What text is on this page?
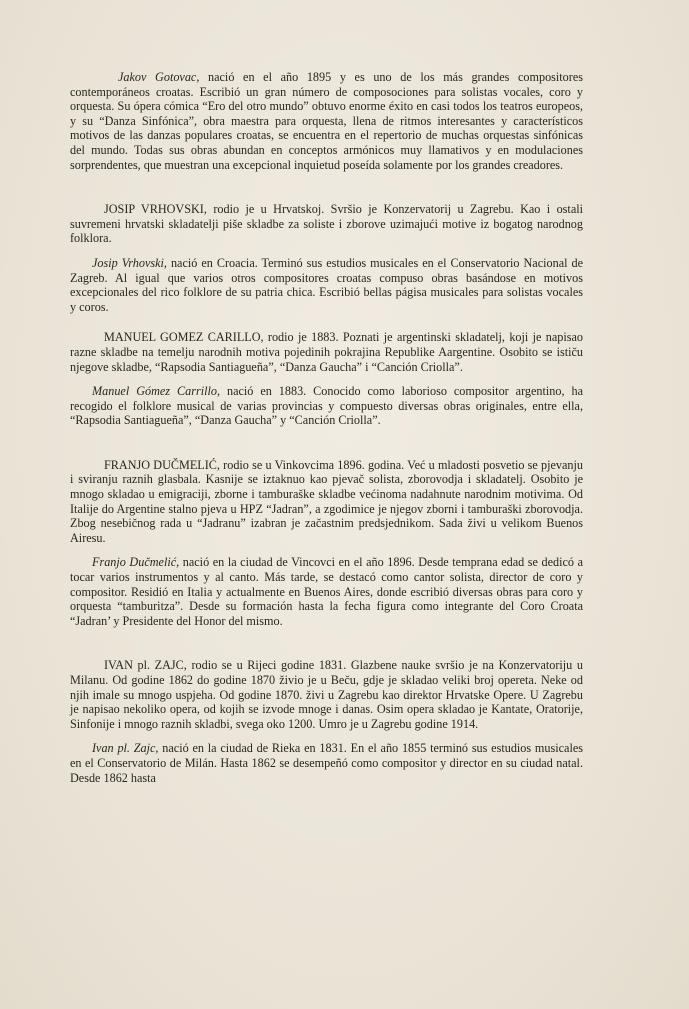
Jakov Gotovac, nació en el año 1895 y es uno de los más grandes compositores contemporáneos croatas. Escribió un gran número de composociones para solistas vocales, coro y orquesta. Su ópera cómica “Ero del otro mundo” obtuvo enorme éxito en casi todos los teatros europeos, y su “Danza Sinfónica”, obra maestra para orquesta, llena de ritmos interesantes y característicos motivos de las danzas populares croatas, se encuentra en el repertorio de muchas orquestas sinfónicas del mundo. Todas sus obras abundan en conceptos armónicos muy llamativos y en modulaciones sorprendentes, que muestran una excepcional inquietud poseída solamente por los grandes creadores.

JOSIP VRHOVSKI, rodio je u Hrvatskoj. Svršio je Konzervatorij u Zagrebu. Kao i ostali suvremeni hrvatski skladatelji piše skladbe za soliste i zborove uzimajući motive iz bogatog narodnog folklora.

Josip Vrhovski, nació en Croacia. Terminó sus estudios musicales en el Conservatorio Nacional de Zagreb. Al igual que varios otros compositores croatas compuso obras basándose en motivos excepcionales del rico folklore de su patria chica. Escribió bellas págisa musicales para solistas vocales y coros.

MANUEL GOMEZ CARILLO, rodio je 1883. Poznati je argentinski skladatelj, koji je napisao razne skladbe na temelju narodnih motiva pojedinih pokrajina Republike Aargentine. Osobito se ističu njegove skladbe, “Rapsodia Santiagueña”, “Danza Gaucha” i “Canción Criolla”.

Manuel Gómez Carrillo, nació en 1883. Conocido como laborioso compositor argentino, ha recogido el folklore musical de varias provincias y compuesto diversas obras originales, entre ella, “Rapsodia Santiagueña”, “Danza Gaucha” y “Canción Criolla”.

FRANJO DUČMELIĆ, rodio se u Vinkovcima 1896. godina. Već u mladosti posvetio se pjevanju i sviranju raznih glasbala. Kasnije se iztaknuo kao pjevač solista, zborovodja i skladatelj. Osobito je mnogo skladao u emigraciji, zborne i tamburaške skladbe većinoma nadahnute narodnim motivima. Od Italije do Argentine stalno pjeva u HPZ “Jadran”, a zgodimice je njegov zborni i tamburaški zborovodja. Zbog nesebičnog rada u “Jadranu” izabran je začastnim predsjednikom. Sada živi u velikom Buenos Airesu.

Franjo Dučmelić, nació en la ciudad de Vincovci en el año 1896. Desde temprana edad se dedicó a tocar varios instrumentos y al canto. Más tarde, se destacó como cantor solista, director de coro y compositor. Residió en Italia y actualmente en Buenos Aires, donde escribió diversas obras para coro y orquesta “tamburitza”. Desde su formación hasta la fecha figura como integrante del Coro Croata “Jadran’ y Presidente del Honor del mismo.

IVAN pl. ZAJC, rodio se u Rijeci godine 1831. Glazbene nauke svršio je na Konzervatoriju u Milanu. Od godine 1862 do godine 1870 živio je u Beču, gdje je skladao veliki broj opereta. Neke od njih imale su mnogo uspjeha. Od godine 1870. živi u Zagrebu kao direktor Hrvatske Opere. U Zagrebu je napisao nekoliko opera, od kojih se izvode mnoge i danas. Osim opera skladao je Kantate, Oratorije, Sinfonije i mnogo raznih skladbi, svega oko 1200. Umro je u Zagrebu godine 1914.

Ivan pl. Zajc, nació en la ciudad de Rieka en 1831. En el año 1855 terminó sus estudios musicales en el Conservatorio de Milán. Hasta 1862 se desempeñó como compositor y director en su ciudad natal. Desde 1862 hasta
